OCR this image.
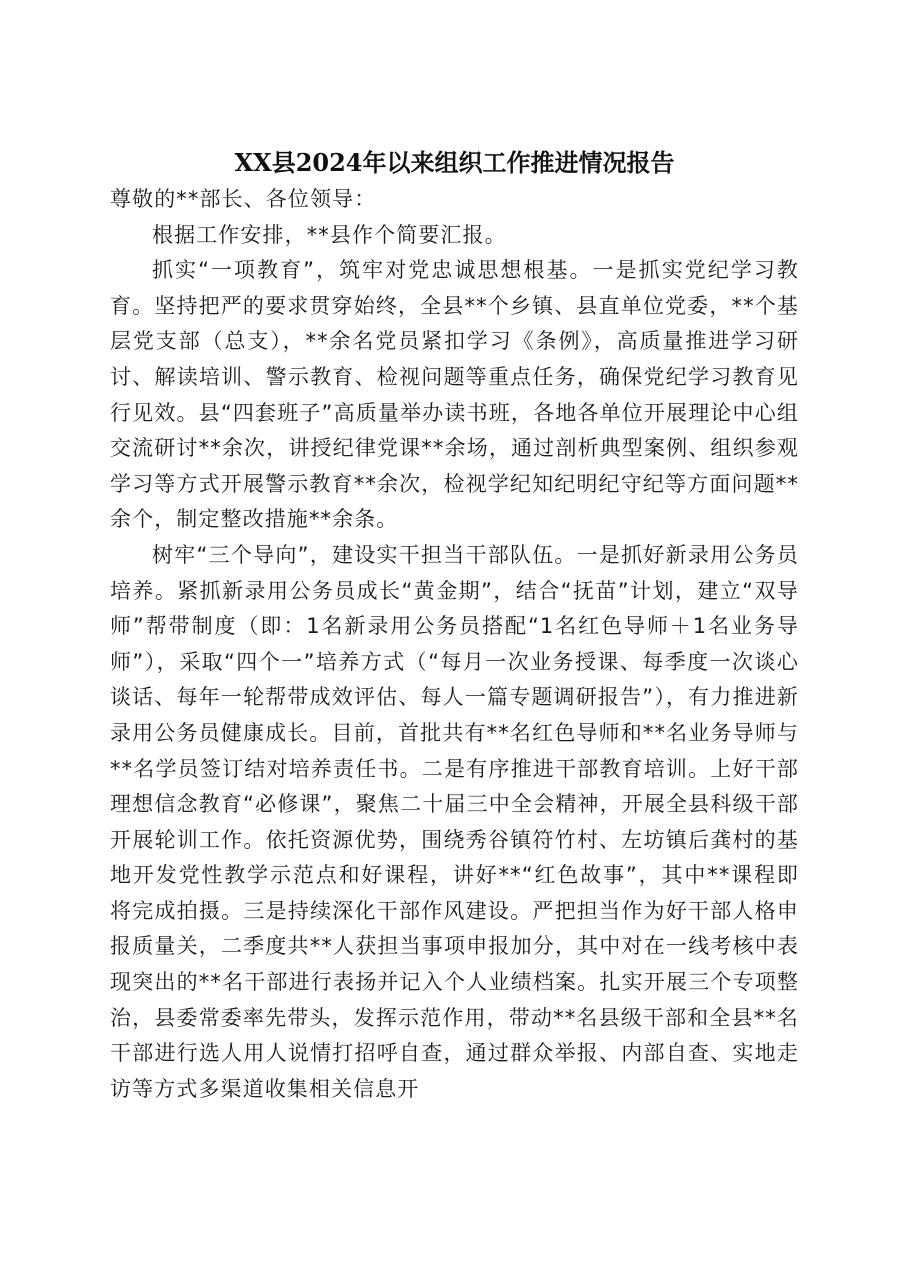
XX县2024年以来组织工作推进情况报告

尊敬的**部长、各位领导：

根据工作安排，**县作个简要汇报。

抓实“一项教育”，筑牢对党忠诚思想根基。一是抓实党纪学习教育。坚持把严的要求贯穿始终，全县**个乡镇、县直单位党委，**个基层党支部（总支），**余名党员紧扣学习《条例》，高质量推进学习研讨、解读培训、警示教育、检视问题等重点任务，确保党纪学习教育见行见效。县“四套班子”高质量举办读书班，各地各单位开展理论中心组交流研讨**余次，讲授纪律党课**余场，通过剖析典型案例、组织参观学习等方式开展警示教育**余次，检视学纪知纪明纪守纪等方面问题**余个，制定整改措施**余条。

树牢“三个导向”，建设实干担当干部队伍。一是抓好新录用公务员培养。紧抓新录用公务员成长“黄金期”，结合“抚苗”计划，建立“双导师”帮带制度（即：1名新录用公务员搭配“1名红色导师＋1名业务导师”），采取“四个一”培养方式（“每月一次业务授课、每季度一次谈心谈话、每年一轮帮带成效评估、每人一篇专题调研报告”），有力推进新录用公务员健康成长。目前，首批共有**名红色导师和**名业务导师与**名学员签订结对培养责任书。二是有序推进干部教育培训。上好干部理想信念教育“必修课”，聚焦二十届三中全会精神，开展全县科级干部开展轮训工作。依托资源优势，围绕秀谷镇符竹村、左坊镇后龚村的基地开发党性教学示范点和好课程，讲好**“红色故事”，其中**课程即将完成拍摄。三是持续深化干部作风建设。严把担当作为好干部人格申报质量关，二季度共**人获担当事项申报加分，其中对在一线考核中表现突出的**名干部进行表扬并记入个人业绩档案。扎实开展三个专项整治，县委常委率先带头，发挥示范作用，带动**名县级干部和全县**名干部进行选人用人说情打招呼自查，通过群众举报、内部自查、实地走访等方式多渠道收集相关信息开
